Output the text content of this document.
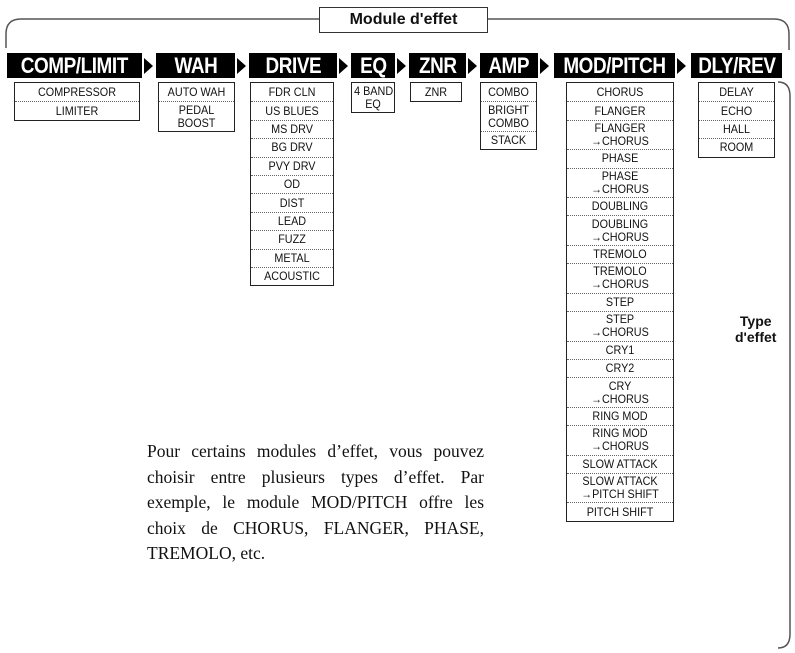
Module d'effet
COMP/LIMIT
COMPRESSOR
LIMITER
WAH
AUTO WAH
PEDAL
BOOST
DRIVE
FDR CLN
US BLUES
MS DRV
BG DRV
PVY DRV
OD
DIST
LEAD
FUZZ
METAL
ACOUSTIC
EQ
4 BAND
EQ
ZNR
ZNR
AMP
COMBO
BRIGHT
COMBO
STACK
MOD/PITCH
CHORUS
FLANGER
FLANGER
→CHORUS
PHASE
PHASE
→CHORUS
DOUBLING
DOUBLING
→CHORUS
TREMOLO
TREMOLO
→CHORUS
STEP
STEP
→CHORUS
CRY1
CRY2
CRY
→CHORUS
RING MOD
RING MOD
→CHORUS
SLOW ATTACK
SLOW ATTACK
→PITCH SHIFT
PITCH SHIFT
DLY/REV
DELAY
ECHO
HALL
ROOM
Type
d'effet
Pour certains modules d’effet, vous pouvez choisir entre plusieurs types d’effet. Par exemple, le module MOD/PITCH offre les choix de CHORUS, FLANGER, PHASE, TREMOLO, etc.
